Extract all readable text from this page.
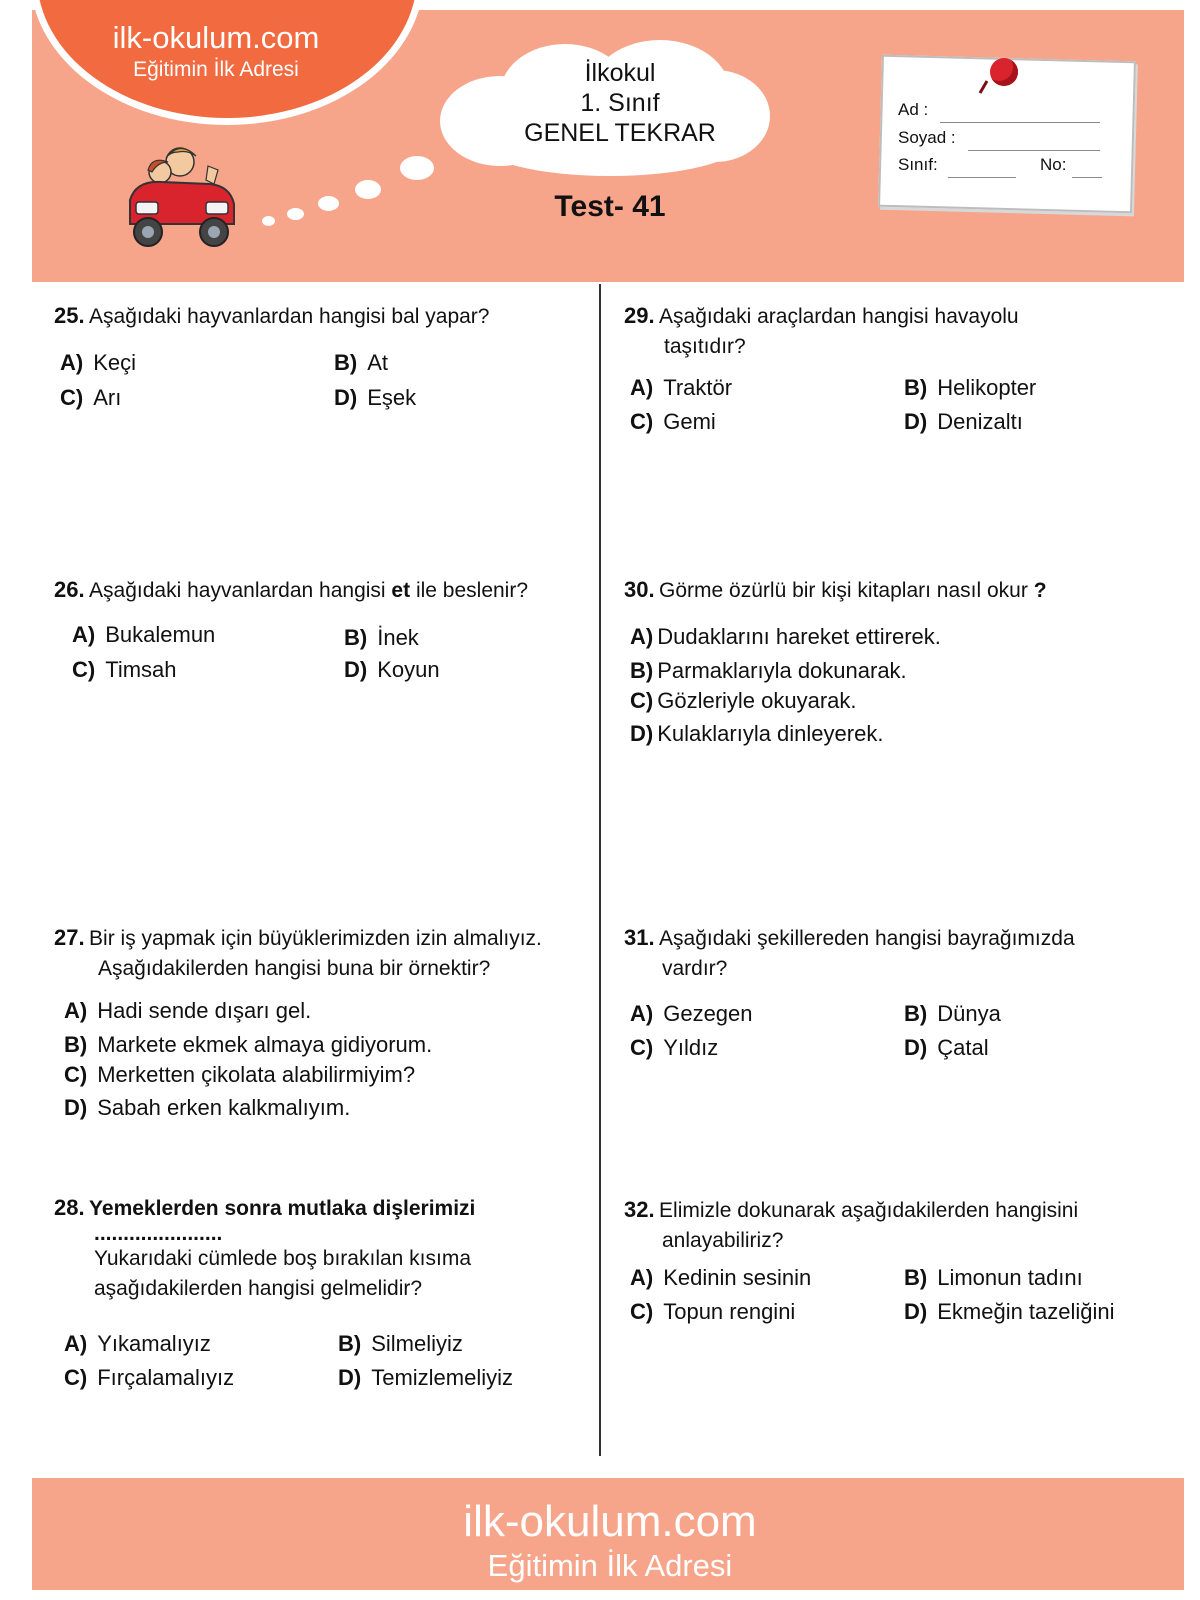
ilk-okulum.com
Eğitimin İlk Adresi	İlkokul
1. Sınıf
GENEL TEKRAR
Test- 41
Ad :
Soyad :
Sınıf:	No:
25. Aşağıdaki hayvanlardan hangisi bal yapar?
A) Keçi	B) At
C) Arı	D) Eşek
26. Aşağıdaki hayvanlardan hangisi et ile beslenir?
A) Bukalemun	B) İnek
C) Timsah	D) Koyun
27. Bir iş yapmak için büyüklerimizden izin almalıyız.
Aşağıdakilerden hangisi buna bir örnektir?
A) Hadi sende dışarı gel.
B) Markete ekmek almaya gidiyorum.
C) Merketten çikolata alabilirmiyim?
D) Sabah erken kalkmalıyım.
28. Yemeklerden sonra mutlaka dişlerimizi
......................
Yukarıdaki cümlede boş bırakılan kısıma
aşağıdakilerden hangisi gelmelidir?
A) Yıkamalıyız	B) Silmeliyiz
C) Fırçalamalıyız	D) Temizlemeliyiz
29. Aşağıdaki araçlardan hangisi havayolu
taşıtıdır?
A) Traktör	B) Helikopter
C) Gemi	D) Denizaltı
30. Görme özürlü bir kişi kitapları nasıl okur ?
A) Dudaklarını hareket ettirerek.
B) Parmaklarıyla dokunarak.
C) Gözleriyle okuyarak.
D) Kulaklarıyla dinleyerek.
31. Aşağıdaki şekillereden hangisi bayrağımızda
vardır?
A) Gezegen	B) Dünya
C) Yıldız	D) Çatal
32. Elimizle dokunarak aşağıdakilerden hangisini
anlayabiliriz?
A) Kedinin sesinin	B) Limonun tadını
C) Topun rengini	D) Ekmeğin tazeliğini
ilk-okulum.com
Eğitimin İlk Adresi
